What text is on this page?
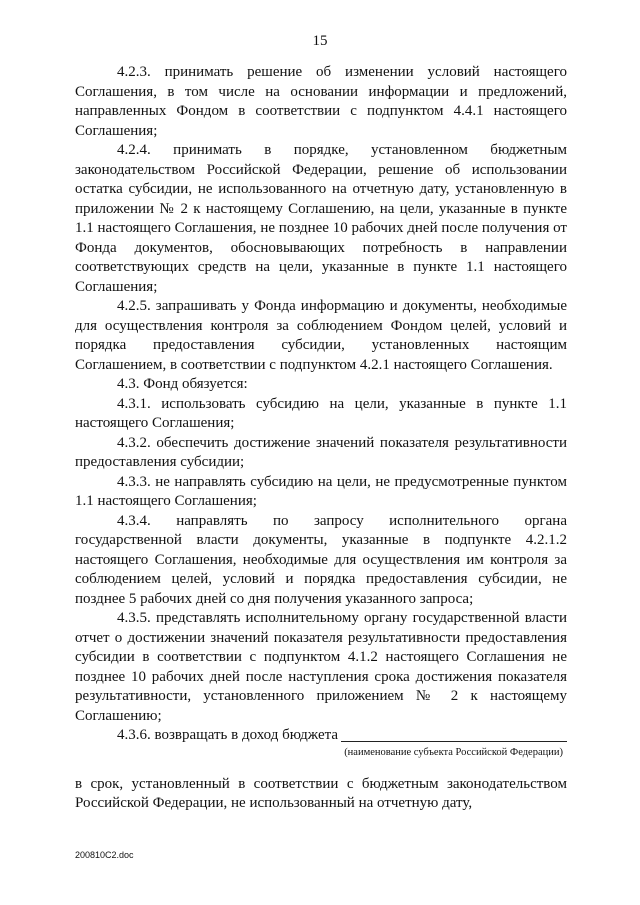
15

4.2.3. принимать решение об изменении условий настоящего Соглашения, в том числе на основании информации и предложений, направленных Фондом в соответствии с подпунктом 4.4.1 настоящего Соглашения;

4.2.4. принимать в порядке, установленном бюджетным законодательством Российской Федерации, решение об использовании остатка субсидии, не использованного на отчетную дату, установленную в приложении № 2 к настоящему Соглашению, на цели, указанные в пункте 1.1 настоящего Соглашения, не позднее 10 рабочих дней после получения от Фонда документов, обосновывающих потребность в направлении соответствующих средств на цели, указанные в пункте 1.1 настоящего Соглашения;

4.2.5. запрашивать у Фонда информацию и документы, необходимые для осуществления контроля за соблюдением Фондом целей, условий и порядка предоставления субсидии, установленных настоящим Соглашением, в соответствии с подпунктом 4.2.1 настоящего Соглашения.

4.3. Фонд обязуется:

4.3.1. использовать субсидию на цели, указанные в пункте 1.1 настоящего Соглашения;

4.3.2. обеспечить достижение значений показателя результативности предоставления субсидии;

4.3.3. не направлять субсидию на цели, не предусмотренные пунктом 1.1 настоящего Соглашения;

4.3.4. направлять по запросу исполнительного органа государственной власти документы, указанные в подпункте 4.2.1.2 настоящего Соглашения, необходимые для осуществления им контроля за соблюдением целей, условий и порядка предоставления субсидии, не позднее 5 рабочих дней со дня получения указанного запроса;

4.3.5. представлять исполнительному органу государственной власти отчет о достижении значений показателя результативности предоставления субсидии в соответствии с подпунктом 4.1.2 настоящего Соглашения не позднее 10 рабочих дней после наступления срока достижения показателя результативности, установленного приложением № 2 к настоящему Соглашению;

4.3.6. возвращать в доход бюджета
(наименование субъекта Российской Федерации)

в срок, установленный в соответствии с бюджетным законодательством Российской Федерации, не использованный на отчетную дату,

200810C2.doc
